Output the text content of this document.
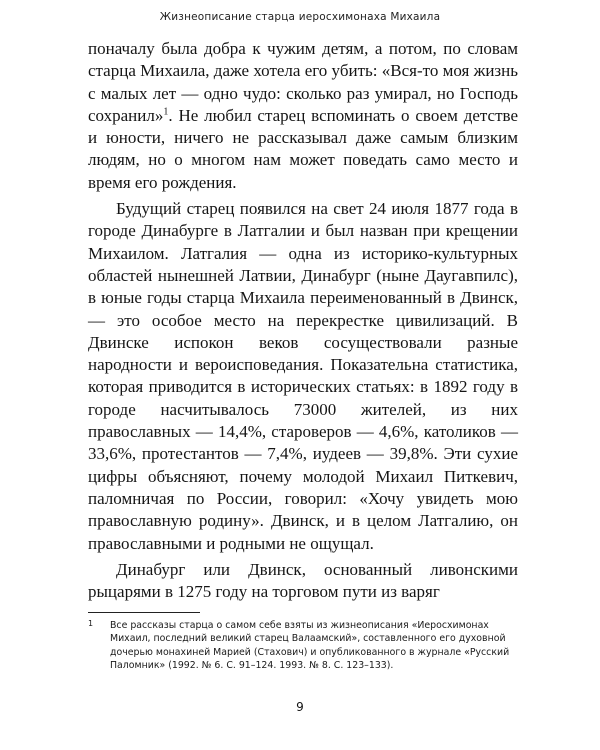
Жизнеописание старца иеросхимонаха Михаила

поначалу была добра к чужим детям, а потом, по словам старца Михаила, даже хотела его убить: «Вся-то моя жизнь с малых лет — одно чудо: сколько раз умирал, но Господь сохранил»$^1$. Не любил старец вспоминать о своем детстве и юности, ничего не рассказывал даже самым близким людям, но о многом нам может поведать само место и время его рождения.

Будущий старец появился на свет 24 июля 1877 года в городе Динабурге в Латгалии и был назван при крещении Михаилом. Латгалия — одна из историко-культурных областей нынешней Латвии, Динабург (ныне Даугавпилс), в юные годы старца Михаила переименованный в Двинск, — это особое место на перекрестке цивилизаций. В Двинске испокон веков сосуществовали разные народности и вероисповедания. Показательна статистика, которая приводится в исторических статьях: в 1892 году в городе насчитывалось 73000 жителей, из них православных — 14,4%, староверов — 4,6%, католиков — 33,6%, протестантов — 7,4%, иудеев — 39,8%. Эти сухие цифры объясняют, почему молодой Михаил Питкевич, паломничая по России, говорил: «Хочу увидеть мою православную родину». Двинск, и в целом Латгалию, он православными и родными не ощущал.

Динабург или Двинск, основанный ливонскими рыцарями в 1275 году на торговом пути из варяг

1 Все рассказы старца о самом себе взяты из жизнеописания «Иеросхимонах Михаил, последний великий старец Валаамский», составленного его духовной дочерью монахиней Марией (Стахович) и опубликованного в журнале «Русский Паломник» (1992. № 6. С. 91–124. 1993. № 8. С. 123–133).
9
